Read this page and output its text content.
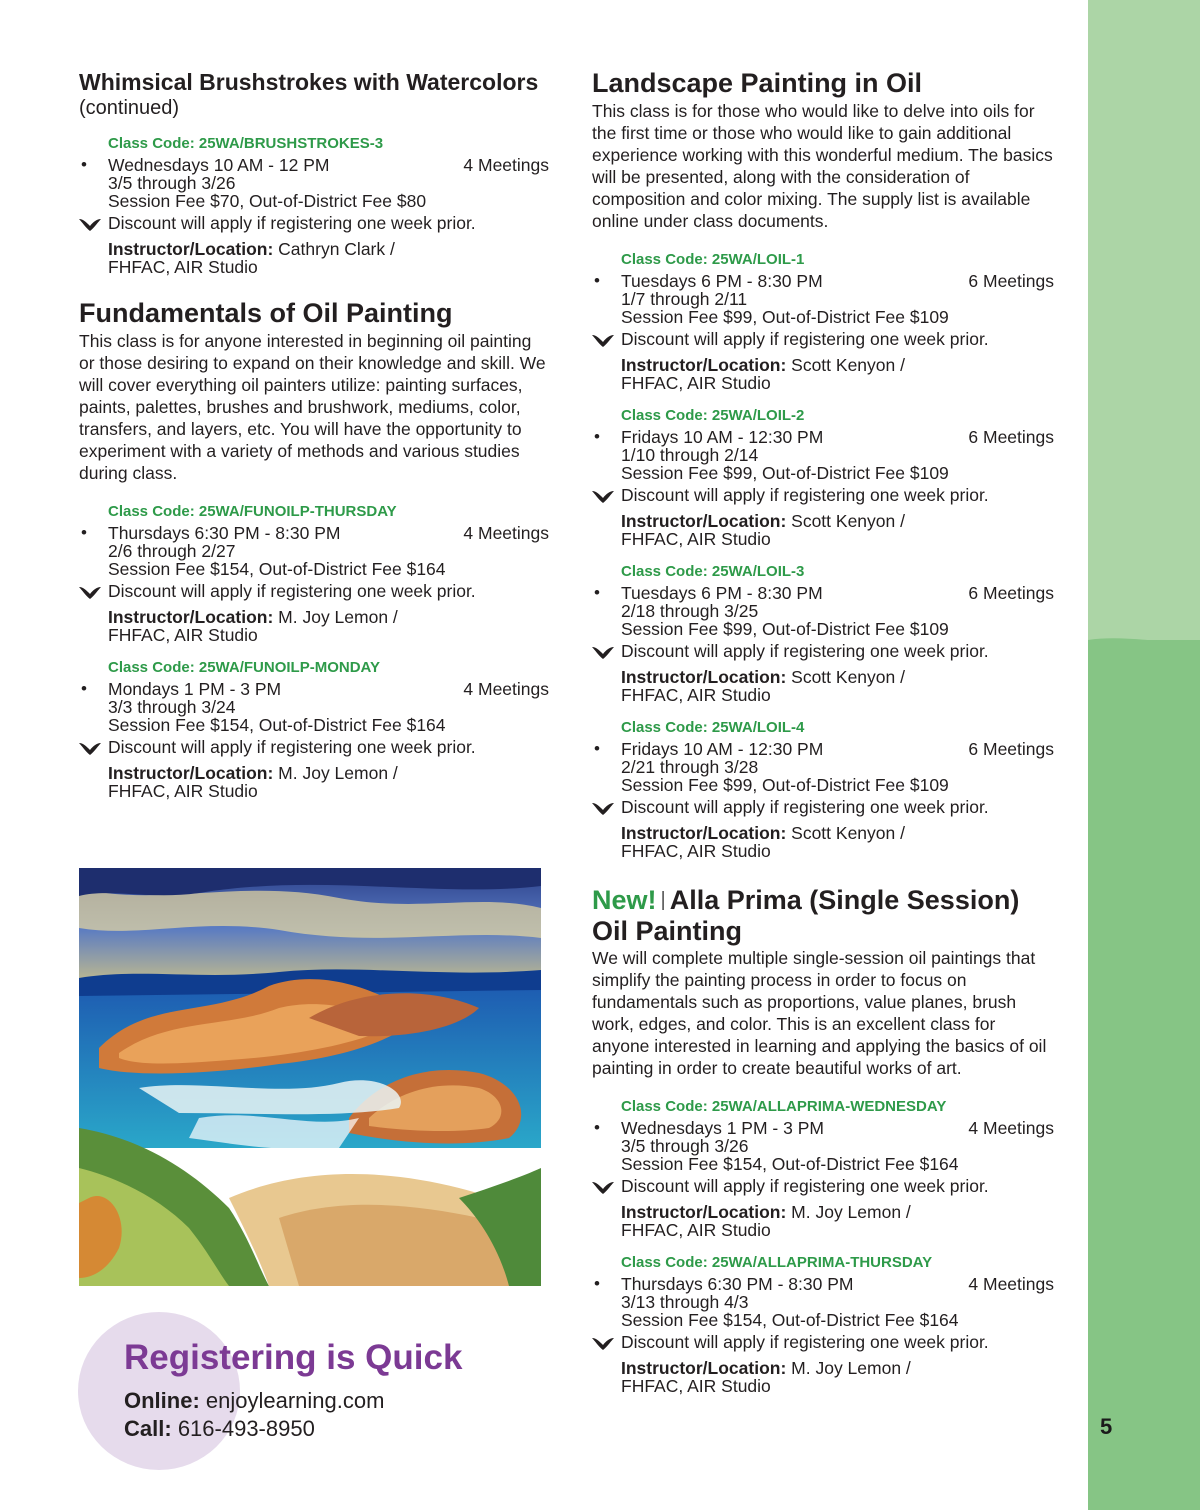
5
Whimsical Brushstrokes with Watercolors

(continued)

Class Code: 25WA/BRUSHSTROKES-3
• Wednesdays 10 AM - 12 PM	4 Meetings
3/5 through 3/26
Session Fee $70, Out-of-District Fee $80
Discount will apply if registering one week prior.
Instructor/Location: Cathryn Clark /
FHFAC, AIR Studio
Fundamentals of Oil Painting

This class is for anyone interested in beginning oil painting or those desiring to expand on their knowledge and skill. We will cover everything oil painters utilize: painting surfaces, paints, palettes, brushes and brushwork, mediums, color, transfers, and layers, etc. You will have the opportunity to experiment with a variety of methods and various studies during class.

Class Code: 25WA/FUNOILP-THURSDAY
• Thursdays 6:30 PM - 8:30 PM	4 Meetings
2/6 through 2/27
Session Fee $154, Out-of-District Fee $164
Discount will apply if registering one week prior.
Instructor/Location: M. Joy Lemon /
FHFAC, AIR Studio
Class Code: 25WA/FUNOILP-MONDAY
• Mondays 1 PM - 3 PM	4 Meetings
3/3 through 3/24
Session Fee $154, Out-of-District Fee $164
Discount will apply if registering one week prior.
Instructor/Location: M. Joy Lemon /
FHFAC, AIR Studio
Registering is Quick
Online: enjoylearning.com
Call: 616-493-8950
Landscape Painting in Oil

This class is for those who would like to delve into oils for the first time or those who would like to gain additional experience working with this wonderful medium. The basics will be presented, along with the consideration of composition and color mixing. The supply list is available online under class documents.

Class Code: 25WA/LOIL-1
• Tuesdays 6 PM - 8:30 PM	6 Meetings
1/7 through 2/11
Session Fee $99, Out-of-District Fee $109
Discount will apply if registering one week prior.
Instructor/Location: Scott Kenyon /
FHFAC, AIR Studio
Class Code: 25WA/LOIL-2
• Fridays 10 AM - 12:30 PM	6 Meetings
1/10 through 2/14
Session Fee $99, Out-of-District Fee $109
Discount will apply if registering one week prior.
Instructor/Location: Scott Kenyon /
FHFAC, AIR Studio
Class Code: 25WA/LOIL-3
• Tuesdays 6 PM - 8:30 PM	6 Meetings
2/18 through 3/25
Session Fee $99, Out-of-District Fee $109
Discount will apply if registering one week prior.
Instructor/Location: Scott Kenyon /
FHFAC, AIR Studio
Class Code: 25WA/LOIL-4
• Fridays 10 AM - 12:30 PM	6 Meetings
2/21 through 3/28
Session Fee $99, Out-of-District Fee $109
Discount will apply if registering one week prior.
Instructor/Location: Scott Kenyon /
FHFAC, AIR Studio
New! | Alla Prima (Single Session)
Oil Painting

We will complete multiple single-session oil paintings that simplify the painting process in order to focus on fundamentals such as proportions, value planes, brush work, edges, and color. This is an excellent class for anyone interested in learning and applying the basics of oil painting in order to create beautiful works of art.

Class Code: 25WA/ALLAPRIMA-WEDNESDAY
• Wednesdays 1 PM - 3 PM	4 Meetings
3/5 through 3/26
Session Fee $154, Out-of-District Fee $164
Discount will apply if registering one week prior.
Instructor/Location: M. Joy Lemon /
FHFAC, AIR Studio
Class Code: 25WA/ALLAPRIMA-THURSDAY
• Thursdays 6:30 PM - 8:30 PM	4 Meetings
3/13 through 4/3
Session Fee $154, Out-of-District Fee $164
Discount will apply if registering one week prior.
Instructor/Location: M. Joy Lemon /
FHFAC, AIR Studio
